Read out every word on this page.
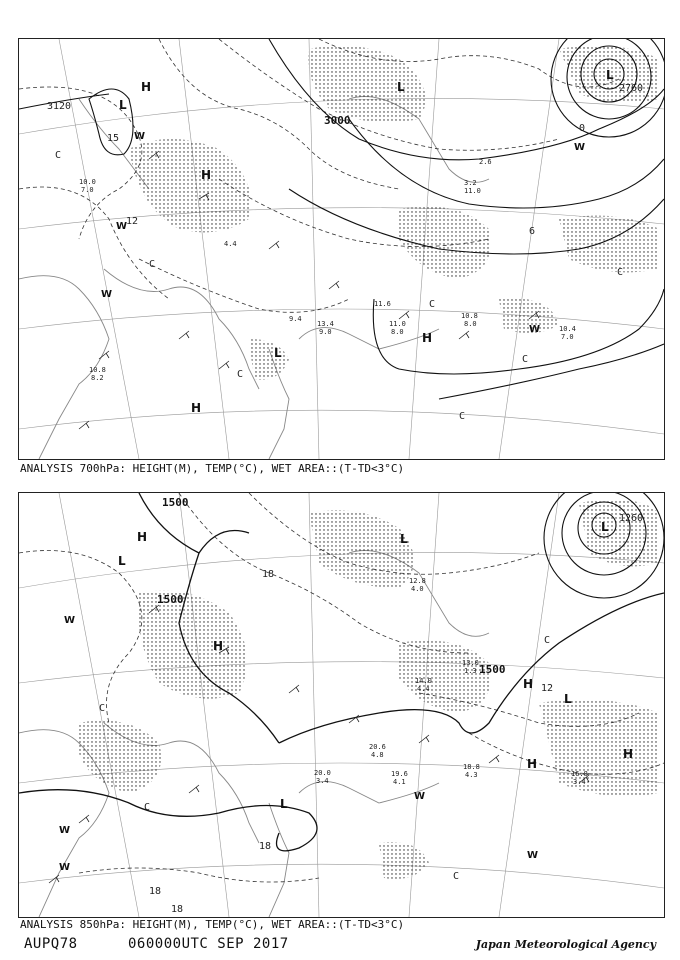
3000
3120
2760
15
12
6
0
H
H
H
H
L
L
L
L
W
W
W
W
W
C
C
C
C
C
C
C
10.8
8.0
11.0
8.0	10.4
7.0
9.4
13.4
9.0
11.6
4.4
3.2
11.0
2.6
10.0
7.0
10.8
8.2
ANALYSIS 700hPa: HEIGHT(M), TEMP(°C), WET AREA::(T-TD<3°C)
1500
1500
1500
1260
18
18
18
18
12
H
H
H
H
H
L
L
L
L
L
W
W
W
W
W
C
C
C
C
20.0
3.4
19.6
4.1
18.8
4.3	16.8
3.4
20.6
4.8
13.0
1.3
14.0
4.4
12.8
4.0
ANALYSIS 850hPa: HEIGHT(M), TEMP(°C), WET AREA::(T-TD<3°C)
AUPQ78	060000UTC SEP 2017	Japan Meteorological Agency
